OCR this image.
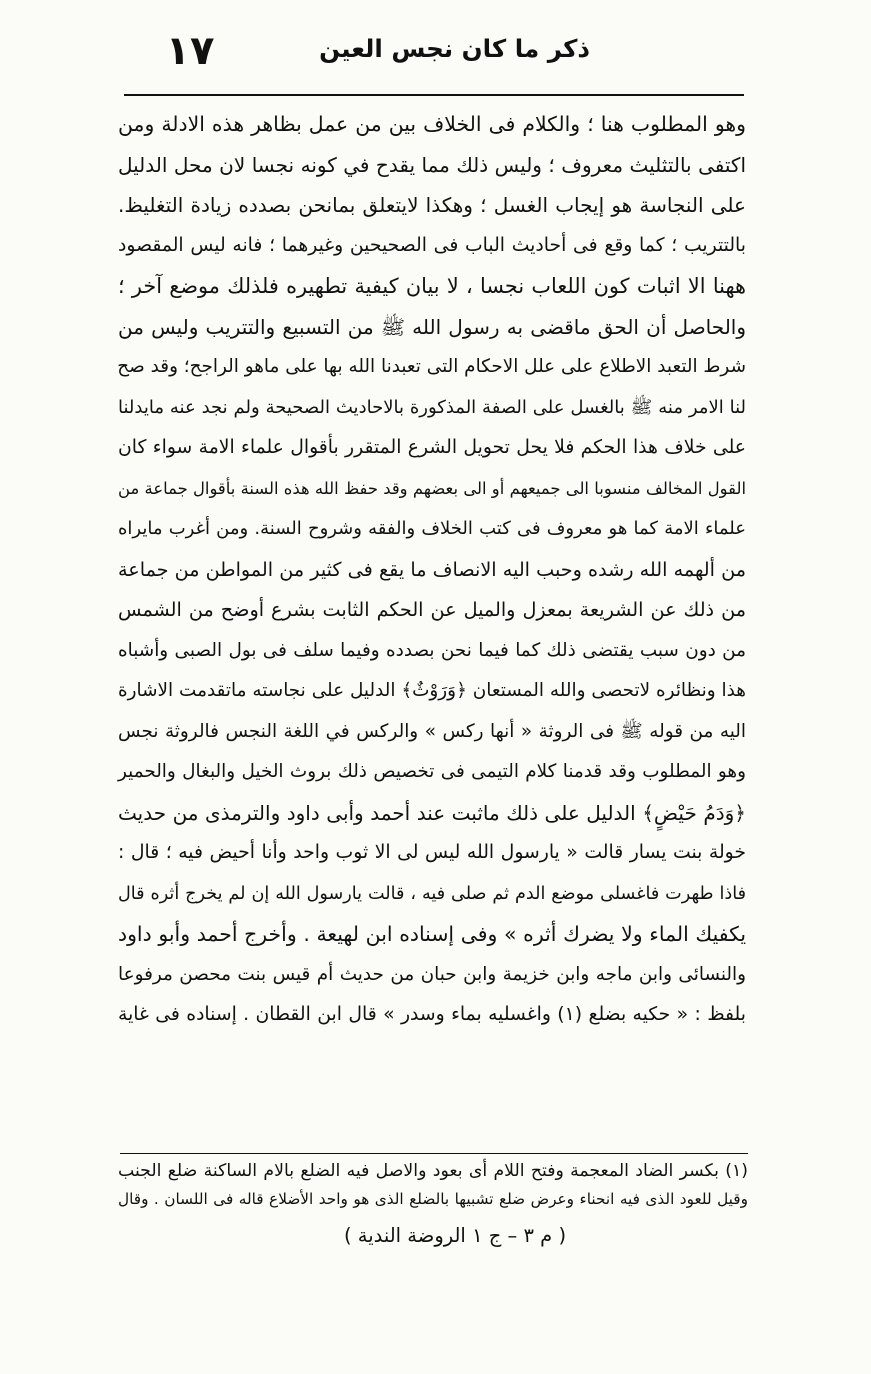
ذكر ما كان نجس العين
١٧
وهو المطلوب هنا ؛ والكلام فى الخلاف بين من عمل بظاهر هذه الادلة ومن
اكتفى بالتثليث معروف ؛ وليس ذلك مما يقدح في كونه نجسا لان محل الدليل
على النجاسة هو إيجاب الغسل ؛ وهكذا لايتعلق بمانحن بصدده زيادة التغليظ.
بالتتريب ؛ كما وقع فى أحاديث الباب فى الصحيحين وغيرهما ؛ فانه ليس المقصود
ههنا الا اثبات كون اللعاب نجسا ، لا بيان كيفية تطهيره فلذلك موضع آخر ؛
والحاصل أن الحق ماقضى به رسول الله ﷺ من التسبيع والتتريب وليس من
شرط التعبد الاطلاع على علل الاحكام التى تعبدنا الله بها على ماهو الراجح؛ وقد صح
لنا الامر منه ﷺ بالغسل على الصفة المذكورة بالاحاديث الصحيحة ولم نجد عنه مايدلنا
على خلاف هذا الحكم فلا يحل تحويل الشرع المتقرر بأقوال علماء الامة سواء كان
القول المخالف منسوبا الى جميعهم أو الى بعضهم وقد حفظ الله هذه السنة بأقوال جماعة من
علماء الامة كما هو معروف فى كتب الخلاف والفقه وشروح السنة. ومن أغرب مايراه
من ألهمه الله رشده وحبب اليه الانصاف ما يقع فى كثير من المواطن من جماعة
من ذلك عن الشريعة بمعزل والميل عن الحكم الثابت بشرع أوضح من الشمس
من دون سبب يقتضى ذلك كما فيما نحن بصدده وفيما سلف فى بول الصبى وأشباه
هذا ونظائره لاتحصى والله المستعان ﴿وَرَوْثٌ﴾ الدليل على نجاسته ماتقدمت الاشارة
اليه من قوله ﷺ فى الروثة « أنها ركس » والركس في اللغة النجس فالروثة نجس
وهو المطلوب وقد قدمنا كلام التيمى فى تخصيص ذلك بروث الخيل والبغال والحمير
﴿وَدَمُ حَيْضٍ﴾ الدليل على ذلك ماثبت عند أحمد وأبى داود والترمذى من حديث
خولة بنت يسار قالت « يارسول الله ليس لى الا ثوب واحد وأنا أحيض فيه ؛ قال :
فاذا طهرت فاغسلى موضع الدم ثم صلى فيه ، قالت يارسول الله إن لم يخرج أثره قال
يكفيك الماء ولا يضرك أثره » وفى إسناده ابن لهيعة . وأخرج أحمد وأبو داود
والنسائى وابن ماجه وابن خزيمة وابن حبان من حديث أم قيس بنت محصن مرفوعا
بلفظ : « حكيه بضلع (١) واغسليه بماء وسدر » قال ابن القطان . إسناده فى غاية
(١) بكسر الضاد المعجمة وفتح اللام أى بعود والاصل فيه الضلع بالام الساكنة ضلع الجنب
وقيل للعود الذى فيه انحناء وعرض ضلع تشبيها بالضلع الذى هو واحد الأضلاع قاله فى اللسان . وقال
( م ٣ – ج ١ الروضة الندية )
